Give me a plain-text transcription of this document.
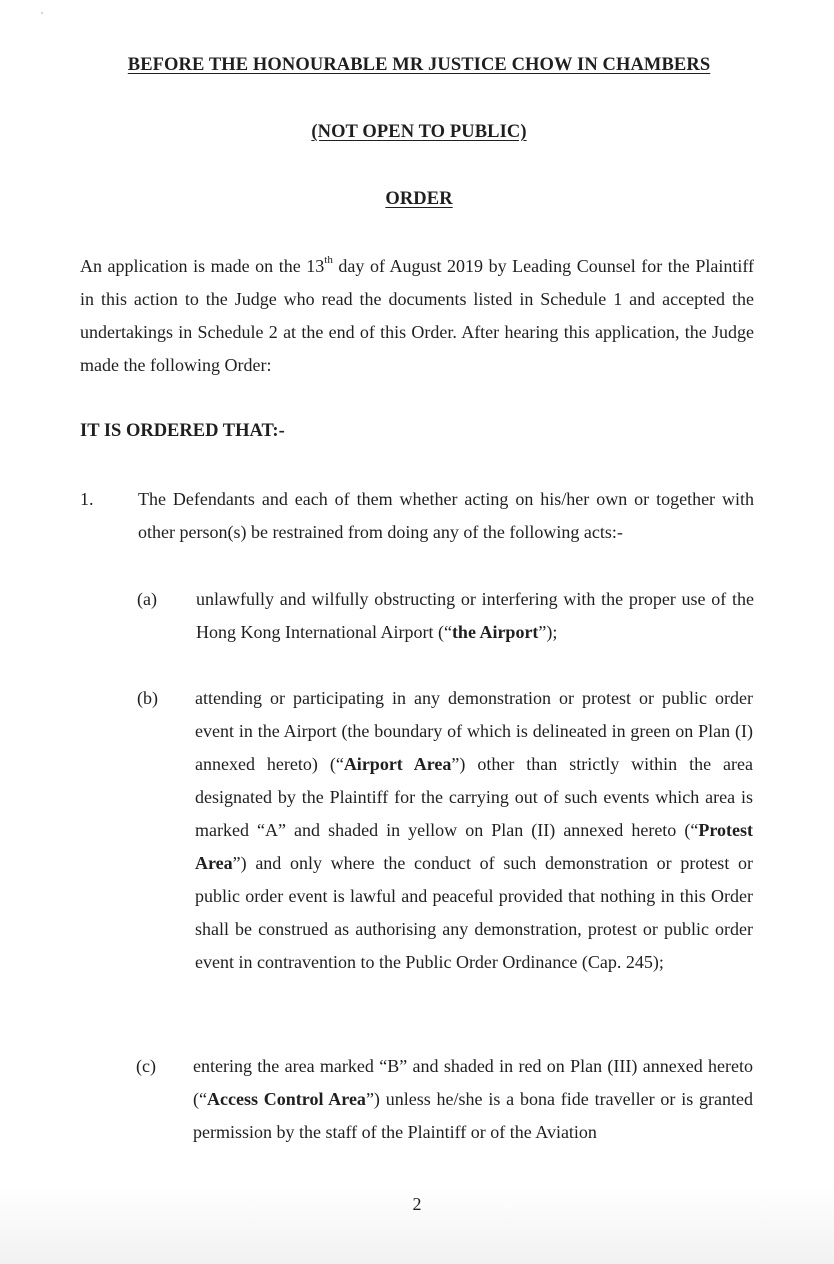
BEFORE THE HONOURABLE MR JUSTICE CHOW IN CHAMBERS
(NOT OPEN TO PUBLIC)
ORDER
An application is made on the 13th day of August 2019 by Leading Counsel for the Plaintiff in this action to the Judge who read the documents listed in Schedule 1 and accepted the undertakings in Schedule 2 at the end of this Order. After hearing this application, the Judge made the following Order:
IT IS ORDERED THAT:-
1. The Defendants and each of them whether acting on his/her own or together with other person(s) be restrained from doing any of the following acts:-
(a) unlawfully and wilfully obstructing or interfering with the proper use of the Hong Kong International Airport (“the Airport”);
(b) attending or participating in any demonstration or protest or public order event in the Airport (the boundary of which is delineated in green on Plan (I) annexed hereto) (“Airport Area”) other than strictly within the area designated by the Plaintiff for the carrying out of such events which area is marked “A” and shaded in yellow on Plan (II) annexed hereto (“Protest Area”) and only where the conduct of such demonstration or protest or public order event is lawful and peaceful provided that nothing in this Order shall be construed as authorising any demonstration, protest or public order event in contravention to the Public Order Ordinance (Cap. 245);
(c) entering the area marked “B” and shaded in red on Plan (III) annexed hereto (“Access Control Area”) unless he/she is a bona fide traveller or is granted permission by the staff of the Plaintiff or of the Aviation
2
